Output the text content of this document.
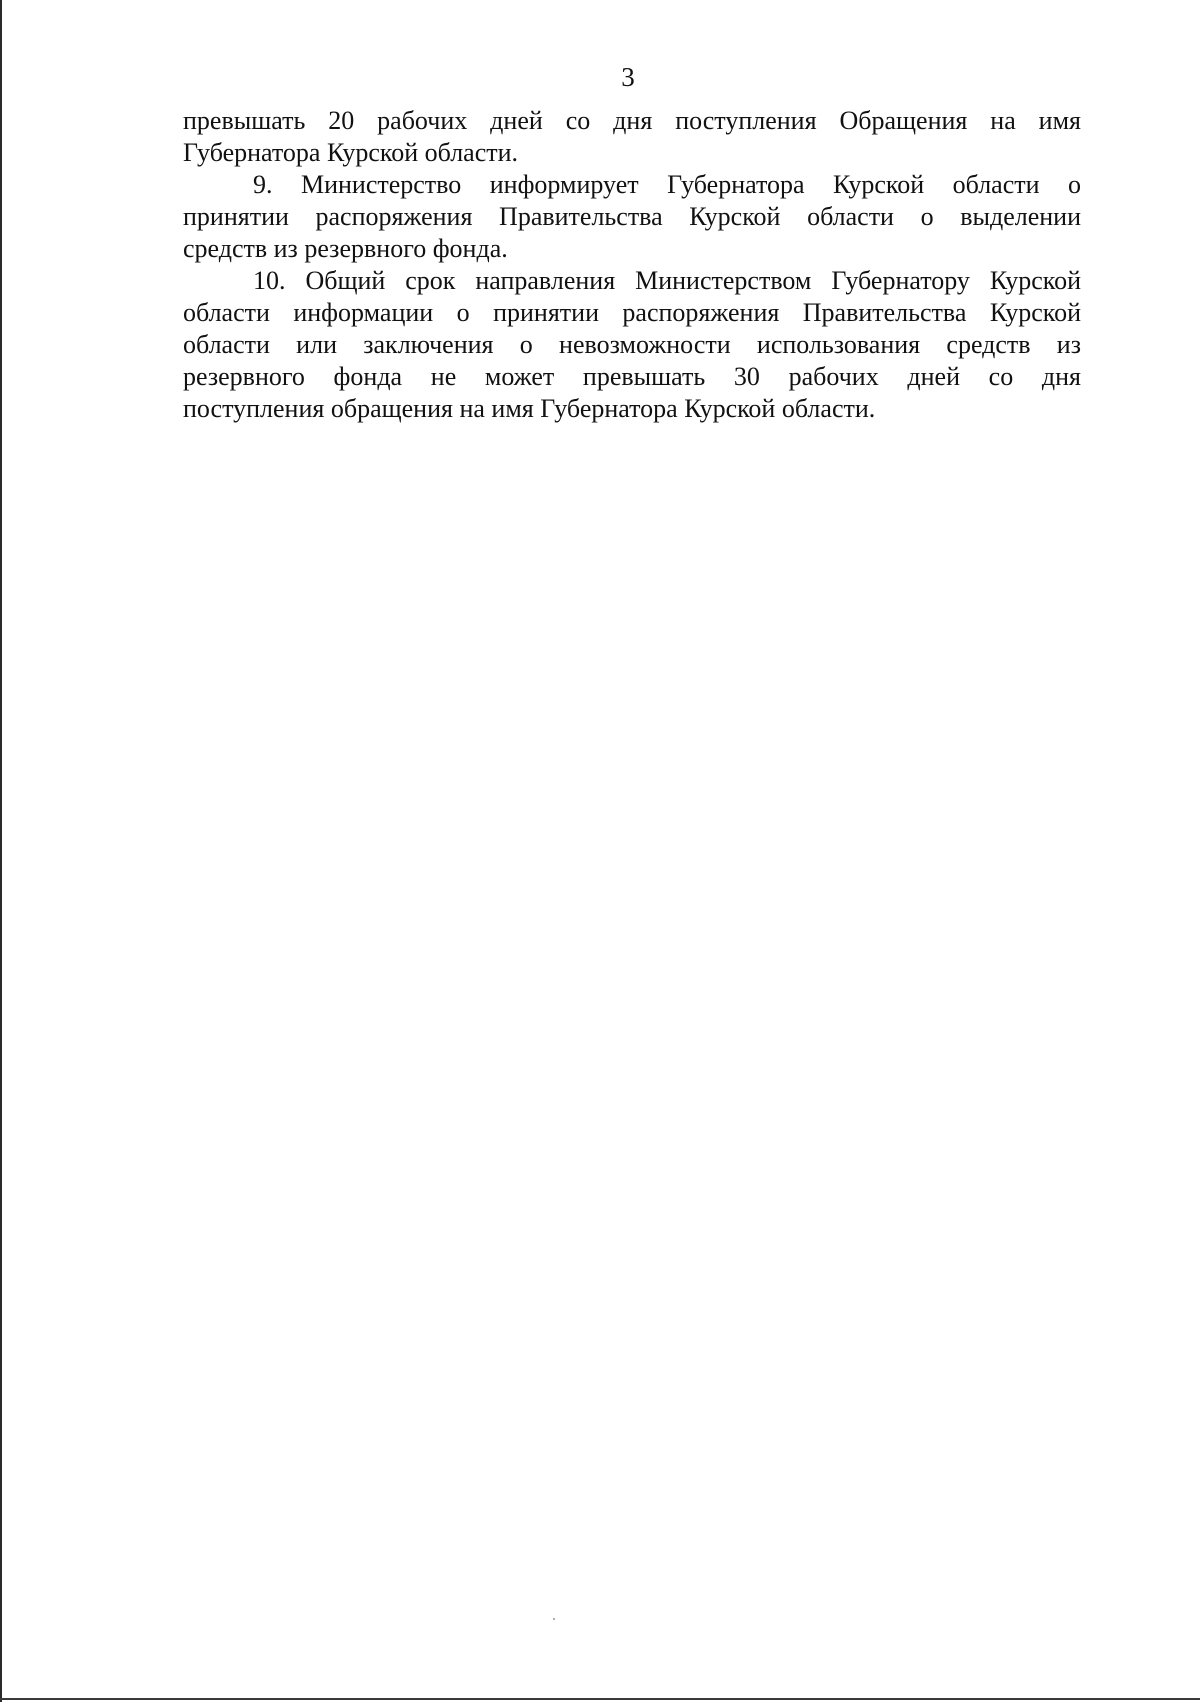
3
превышать 20 рабочих дней со дня поступления Обращения на имя
Губернатора Курской области.
9. Министерство информирует Губернатора Курской области о
принятии распоряжения Правительства Курской области о выделении
средств из резервного фонда.
10. Общий срок направления Министерством Губернатору Курской
области информации о принятии распоряжения Правительства Курской
области или заключения о невозможности использования средств из
резервного фонда не может превышать 30 рабочих дней со дня
поступления обращения на имя Губернатора Курской области.
